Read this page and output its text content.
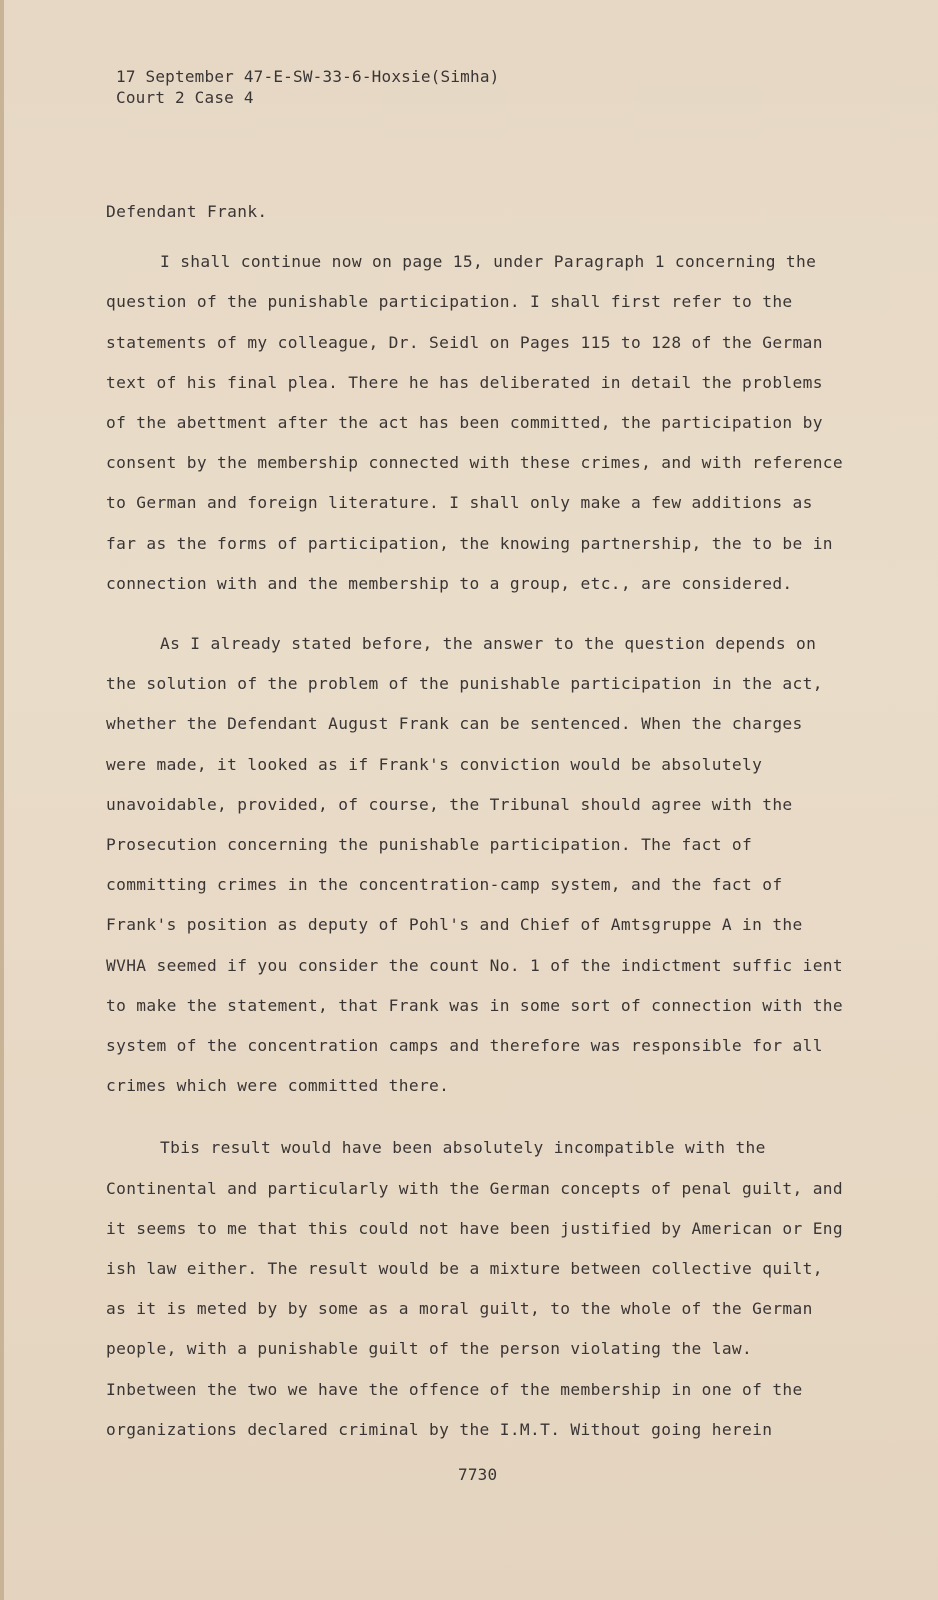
17 September 47-E-SW-33-6-Hoxsie(Simha)
Court 2 Case 4

Defendant Frank.

I shall continue now on page 15, under Paragraph 1 concerning the question of the punishable participation. I shall first refer to the statements of my colleague, Dr. Seidl on Pages 115 to 128 of the German text of his final plea. There he has deliberated in detail the problems of the abettment after the act has been committed, the participation by consent by the membership connected with these crimes, and with reference to German and foreign literature. I shall only make a few additions as far as the forms of participation, the knowing partnership, the to be in connection with and the membership to a group, etc., are considered.

As I already stated before, the answer to the question depends on the solution of the problem of the punishable participation in the act, whether the Defendant August Frank can be sentenced. When the charges were made, it looked as if Frank's conviction would be absolutely unavoidable, provided, of course, the Tribunal should agree with the Prosecution concerning the punishable participation. The fact of committing crimes in the concentration-camp system, and the fact of Frank's position as deputy of Pohl's and Chief of Amtsgruppe A in the WVHA seemed if you consider the count No. 1 of the indictment suffic ient to make the statement, that Frank was in some sort of connection with the system of the concentration camps and therefore was responsible for all crimes which were committed there.

Tbis result would have been absolutely incompatible with the Continental and particularly with the German concepts of penal guilt, and it seems to me that this could not have been justified by American or Eng ish law either. The result would be a mixture between collective quilt, as it is meted by by some as a moral guilt, to the whole of the German people, with a punishable guilt of the person violating the law. Inbetween the two we have the offence of the membership in one of the organizations declared criminal by the I.M.T. Without going herein

7730
